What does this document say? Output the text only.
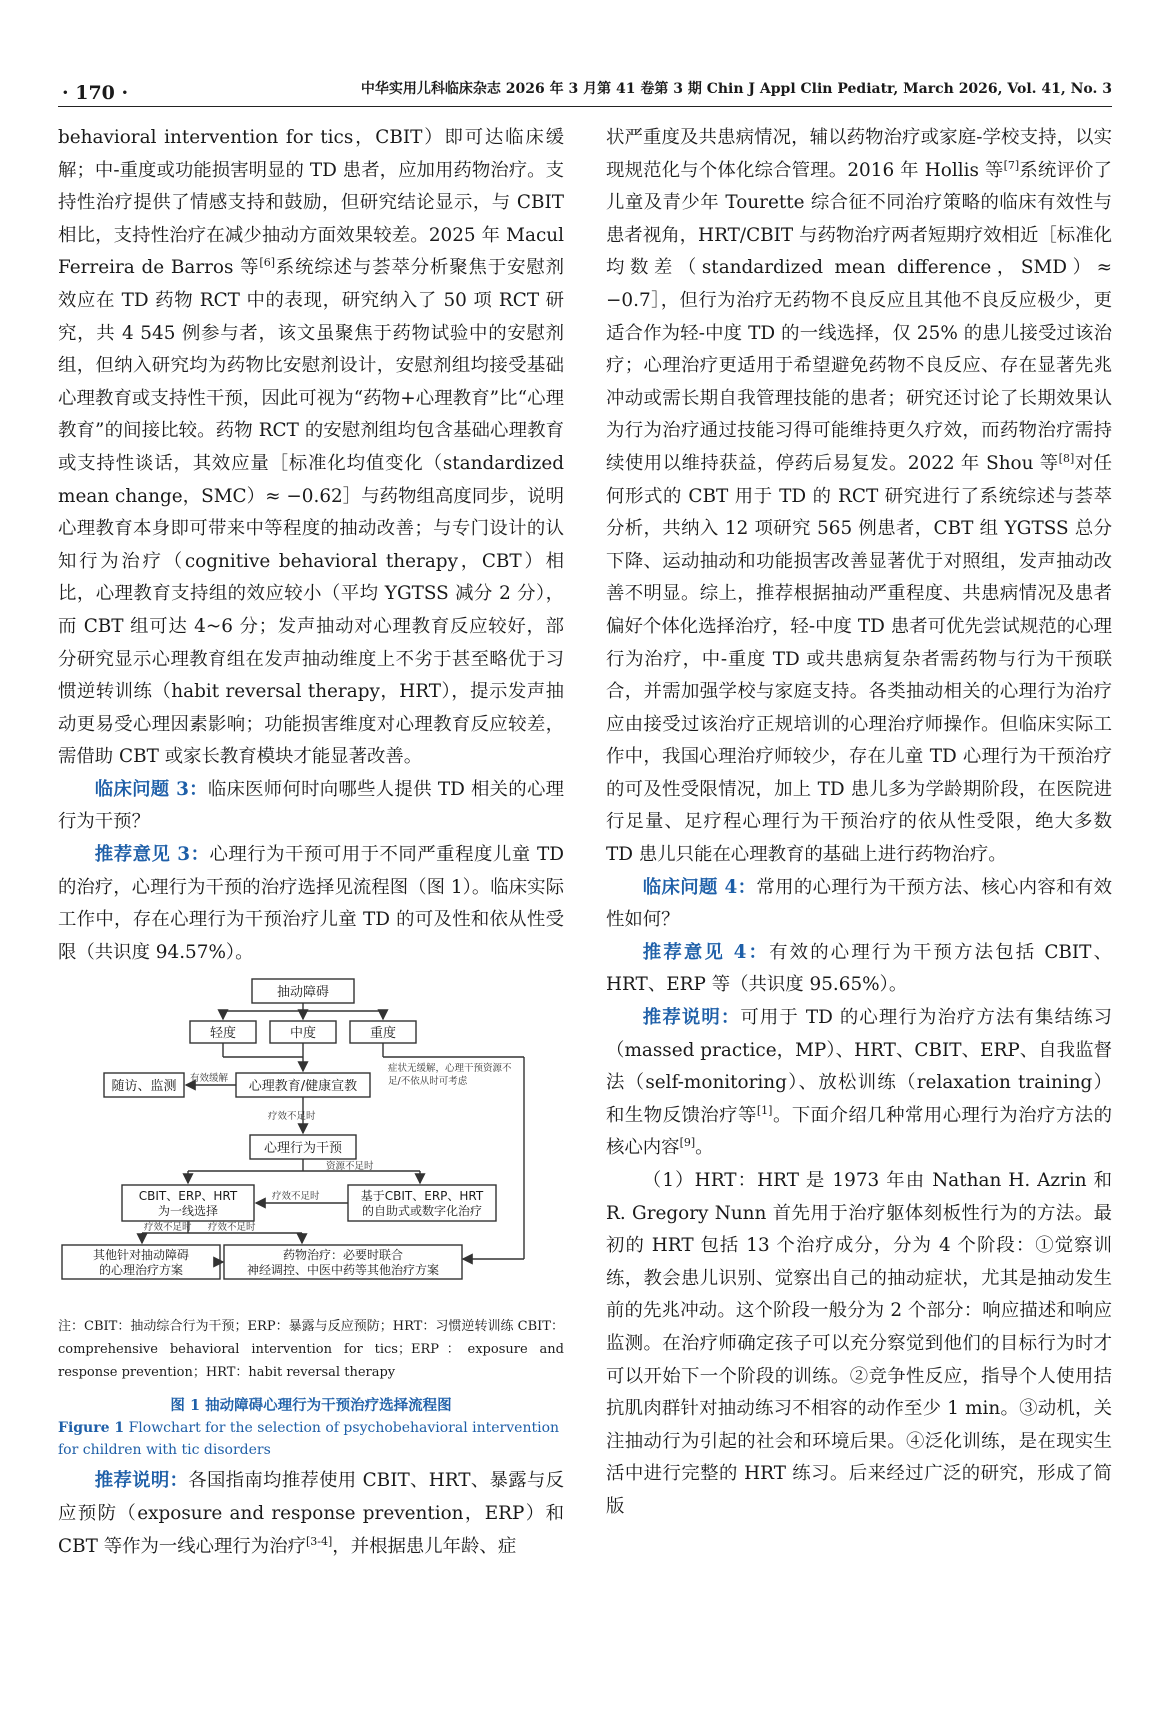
· 170 ·	中华实用儿科临床杂志 2026 年 3 月第 41 卷第 3 期 Chin J Appl Clin Pediatr, March 2026, Vol. 41, No. 3

behavioral intervention for tics，CBIT）即可达临床缓解；中-重度或功能损害明显的 TD 患者，应加用药物治疗。支持性治疗提供了情感支持和鼓励，但研究结论显示，与 CBIT 相比，支持性治疗在减少抽动方面效果较差。2025 年 Macul Ferreira de Barros 等[6]系统综述与荟萃分析聚焦于安慰剂效应在 TD 药物 RCT 中的表现，研究纳入了 50 项 RCT 研究，共 4 545 例参与者，该文虽聚焦于药物试验中的安慰剂组，但纳入研究均为药物比安慰剂设计，安慰剂组均接受基础心理教育或支持性干预，因此可视为“药物+心理教育”比“心理教育”的间接比较。药物 RCT 的安慰剂组均包含基础心理教育或支持性谈话，其效应量［标准化均值变化（standardized mean change，SMC）≈ −0.62］与药物组高度同步，说明心理教育本身即可带来中等程度的抽动改善；与专门设计的认知行为治疗（cognitive behavioral therapy，CBT）相比，心理教育支持组的效应较小（平均 YGTSS 减分 2 分），而 CBT 组可达 4~6 分；发声抽动对心理教育反应较好，部分研究显示心理教育组在发声抽动维度上不劣于甚至略优于习惯逆转训练（habit reversal therapy，HRT），提示发声抽动更易受心理因素影响；功能损害维度对心理教育反应较差，需借助 CBT 或家长教育模块才能显著改善。

临床问题 3：临床医师何时向哪些人提供 TD 相关的心理行为干预？

推荐意见 3：心理行为干预可用于不同严重程度儿童 TD 的治疗，心理行为干预的治疗选择见流程图（图 1）。临床实际工作中，存在心理行为干预治疗儿童 TD 的可及性和依从性受限（共识度 94.57%）。

抽动障碍
轻度	中度	重度
心理教育/健康宣教
随访、监测
心理行为干预
CBIT、ERP、HRT
为一线选择
基于CBIT、ERP、HRT
的自助式或数字化治疗
其他针对抽动障碍
的心理治疗方案
药物治疗：必要时联合
神经调控、中医中药等其他治疗方案
有效缓解
症状无缓解，心理干预资源不
足/不依从时可考虑
疗效不足时
资源不足时
疗效不足时
疗效不足时 疗效不足时

注：CBIT：抽动综合行为干预；ERP：暴露与反应预防；HRT：习惯逆转训练 CBIT：comprehensive behavioral intervention for tics；ERP：exposure and response prevention；HRT：habit reversal therapy

图 1 抽动障碍心理行为干预治疗选择流程图

Figure 1 Flowchart for the selection of psychobehavioral intervention for children with tic disorders

推荐说明：各国指南均推荐使用 CBIT、HRT、暴露与反应预防（exposure and response prevention，ERP）和 CBT 等作为一线心理行为治疗[3-4]，并根据患儿年龄、症

状严重度及共患病情况，辅以药物治疗或家庭-学校支持，以实现规范化与个体化综合管理。2016 年 Hollis 等[7]系统评价了儿童及青少年 Tourette 综合征不同治疗策略的临床有效性与患者视角，HRT/CBIT 与药物治疗两者短期疗效相近［标准化均数差（standardized mean difference，SMD）≈ −0.7］，但行为治疗无药物不良反应且其他不良反应极少，更适合作为轻-中度 TD 的一线选择，仅 25% 的患儿接受过该治疗；心理治疗更适用于希望避免药物不良反应、存在显著先兆冲动或需长期自我管理技能的患者；研究还讨论了长期效果认为行为治疗通过技能习得可能维持更久疗效，而药物治疗需持续使用以维持获益，停药后易复发。2022 年 Shou 等[8]对任何形式的 CBT 用于 TD 的 RCT 研究进行了系统综述与荟萃分析，共纳入 12 项研究 565 例患者，CBT 组 YGTSS 总分下降、运动抽动和功能损害改善显著优于对照组，发声抽动改善不明显。综上，推荐根据抽动严重程度、共患病情况及患者偏好个体化选择治疗，轻-中度 TD 患者可优先尝试规范的心理行为治疗，中-重度 TD 或共患病复杂者需药物与行为干预联合，并需加强学校与家庭支持。各类抽动相关的心理行为治疗应由接受过该治疗正规培训的心理治疗师操作。但临床实际工作中，我国心理治疗师较少，存在儿童 TD 心理行为干预治疗的可及性受限情况，加上 TD 患儿多为学龄期阶段，在医院进行足量、足疗程心理行为干预治疗的依从性受限，绝大多数 TD 患儿只能在心理教育的基础上进行药物治疗。

临床问题 4：常用的心理行为干预方法、核心内容和有效性如何？

推荐意见 4：有效的心理行为干预方法包括 CBIT、HRT、ERP 等（共识度 95.65%）。

推荐说明：可用于 TD 的心理行为治疗方法有集结练习（massed practice，MP）、HRT、CBIT、ERP、自我监督法（self-monitoring）、放松训练（relaxation training）和生物反馈治疗等[1]。下面介绍几种常用心理行为治疗方法的核心内容[9]。

（1）HRT：HRT 是 1973 年由 Nathan H. Azrin 和 R. Gregory Nunn 首先用于治疗躯体刻板性行为的方法。最初的 HRT 包括 13 个治疗成分，分为 4 个阶段：①觉察训练，教会患儿识别、觉察出自己的抽动症状，尤其是抽动发生前的先兆冲动。这个阶段一般分为 2 个部分：响应描述和响应监测。在治疗师确定孩子可以充分察觉到他们的目标行为时才可以开始下一个阶段的训练。②竞争性反应，指导个人使用拮抗肌肉群针对抽动练习不相容的动作至少 1 min。③动机，关注抽动行为引起的社会和环境后果。④泛化训练，是在现实生活中进行完整的 HRT 练习。后来经过广泛的研究，形成了简版
